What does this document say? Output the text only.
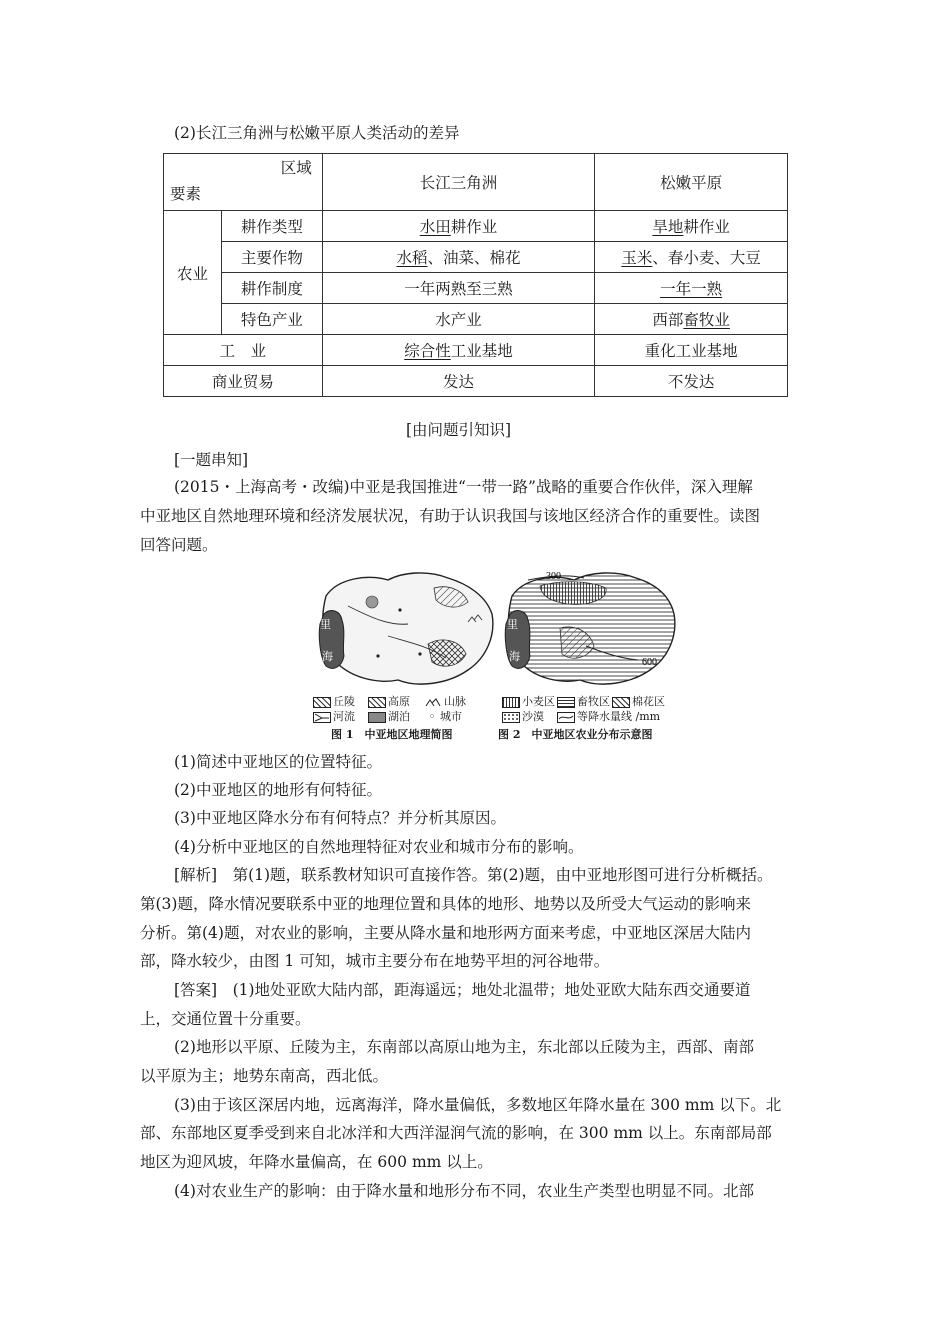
(2)长江三角洲与松嫩平原人类活动的差异
区域
要素		长江三角洲	松嫩平原
农业	耕作类型	水田耕作业	旱地耕作业
	主要作物	水稻、油菜、棉花	玉米、春小麦、大豆
	耕作制度	一年两熟至三熟	一年一熟
	特色产业	水产业	西部畜牧业
工　业		综合性工业基地	重化工业基地
商业贸易		发达	不发达
[由问题引知识]
[一题串知]
(2015・上海高考・改编)中亚是我国推进“一带一路”战略的重要合作伙伴，深入理解
中亚地区自然地理环境和经济发展状况，有助于认识我国与该地区经济合作的重要性。读图
回答问题。
里
海
300
600
里
海
丘陵	高原	山脉
河流	湖泊	◦ 城市
小麦区	畜牧区	棉花区
沙漠	等降水量线 /mm
图 1　中亚地区地理简图	图 2　中亚地区农业分布示意图
(1)简述中亚地区的位置特征。
(2)中亚地区的地形有何特征。
(3)中亚地区降水分布有何特点？并分析其原因。
(4)分析中亚地区的自然地理特征对农业和城市分布的影响。
[解析]　第(1)题，联系教材知识可直接作答。第(2)题，由中亚地形图可进行分析概括。
第(3)题，降水情况要联系中亚的地理位置和具体的地形、地势以及所受大气运动的影响来
分析。第(4)题，对农业的影响，主要从降水量和地形两方面来考虑，中亚地区深居大陆内
部，降水较少，由图 1 可知，城市主要分布在地势平坦的河谷地带。
[答案]　(1)地处亚欧大陆内部，距海遥远；地处北温带；地处亚欧大陆东西交通要道
上，交通位置十分重要。
(2)地形以平原、丘陵为主，东南部以高原山地为主，东北部以丘陵为主，西部、南部
以平原为主；地势东南高，西北低。
(3)由于该区深居内地，远离海洋，降水量偏低，多数地区年降水量在 300 mm 以下。北
部、东部地区夏季受到来自北冰洋和大西洋湿润气流的影响，在 300 mm 以上。东南部局部
地区为迎风坡，年降水量偏高，在 600 mm 以上。
(4)对农业生产的影响：由于降水量和地形分布不同，农业生产类型也明显不同。北部
